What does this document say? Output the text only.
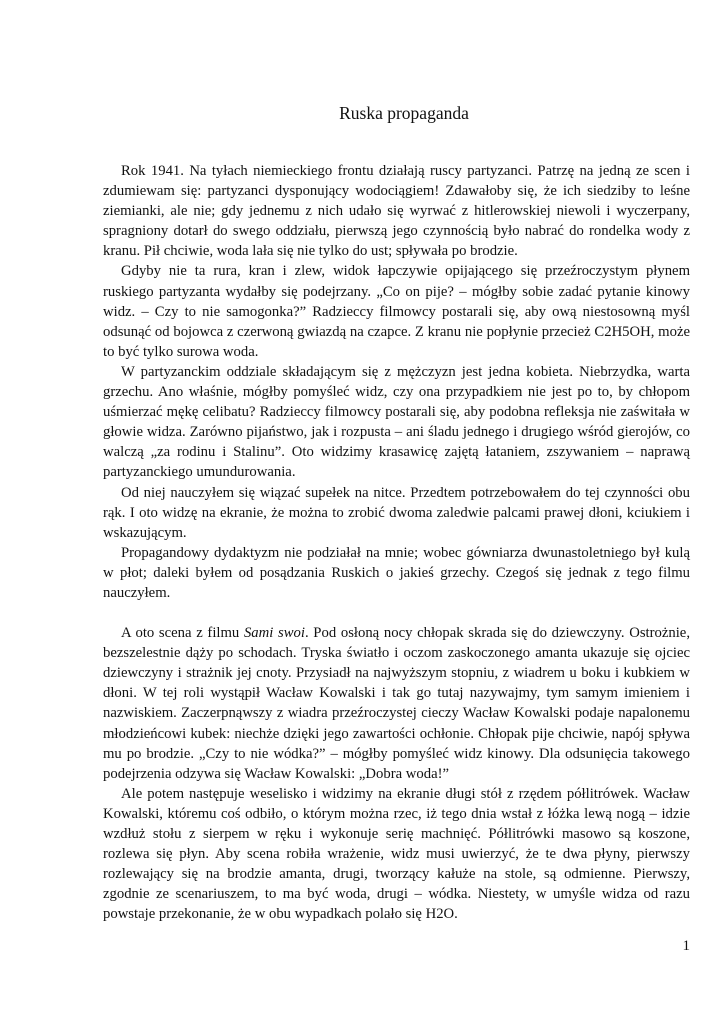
Ruska propaganda

Rok 1941. Na tyłach niemieckiego frontu działają ruscy partyzanci. Patrzę na jedną ze scen i zdumiewam się: partyzanci dysponujący wodociągiem! Zdawałoby się, że ich siedziby to leśne ziemianki, ale nie; gdy jednemu z nich udało się wyrwać z hitlerowskiej niewoli i wyczerpany, spragniony dotarł do swego oddziału, pierwszą jego czynnością było nabrać do rondelka wody z kranu. Pił chciwie, woda lała się nie tylko do ust; spływała po brodzie.

Gdyby nie ta rura, kran i zlew, widok łapczywie opijającego się przeźroczystym płynem ruskiego partyzanta wydałby się podejrzany. „Co on pije? – mógłby sobie zadać pytanie kinowy widz. – Czy to nie samogonka?” Radzieccy filmowcy postarali się, aby ową niestosowną myśl odsunąć od bojowca z czerwoną gwiazdą na czapce. Z kranu nie popłynie przecież C2H5OH, może to być tylko surowa woda.

W partyzanckim oddziale składającym się z mężczyzn jest jedna kobieta. Niebrzydka, warta grzechu. Ano właśnie, mógłby pomyśleć widz, czy ona przypadkiem nie jest po to, by chłopom uśmierzać mękę celibatu? Radzieccy filmowcy postarali się, aby podobna refleksja nie zaświtała w głowie widza. Zarówno pijaństwo, jak i rozpusta – ani śladu jednego i drugiego wśród gierojów, co walczą „za rodinu i Stalinu”. Oto widzimy krasawicę zajętą łataniem, zszywaniem – naprawą partyzanckiego umundurowania.

Od niej nauczyłem się wiązać supełek na nitce. Przedtem potrzebowałem do tej czynności obu rąk. I oto widzę na ekranie, że można to zrobić dwoma zaledwie palcami prawej dłoni, kciukiem i wskazującym.

Propagandowy dydaktyzm nie podziałał na mnie; wobec gówniarza dwunastoletniego był kulą w płot; daleki byłem od posądzania Ruskich o jakieś grzechy. Czegoś się jednak z tego filmu nauczyłem.

A oto scena z filmu Sami swoi. Pod osłoną nocy chłopak skrada się do dziewczyny. Ostrożnie, bezszelestnie dąży po schodach. Tryska światło i oczom zaskoczonego amanta ukazuje się ojciec dziewczyny i strażnik jej cnoty. Przysiadł na najwyższym stopniu, z wiadrem u boku i kubkiem w dłoni. W tej roli wystąpił Wacław Kowalski i tak go tutaj nazywajmy, tym samym imieniem i nazwiskiem. Zaczerpnąwszy z wiadra przeźroczystej cieczy Wacław Kowalski podaje napalonemu młodzieńcowi kubek: niechże dzięki jego zawartości ochłonie. Chłopak pije chciwie, napój spływa mu po brodzie. „Czy to nie wódka?” – mógłby pomyśleć widz kinowy. Dla odsunięcia takowego podejrzenia odzywa się Wacław Kowalski: „Dobra woda!”

Ale potem następuje weselisko i widzimy na ekranie długi stół z rzędem półlitrówek. Wacław Kowalski, któremu coś odbiło, o którym można rzec, iż tego dnia wstał z łóżka lewą nogą – idzie wzdłuż stołu z sierpem w ręku i wykonuje serię machnięć. Półlitrówki masowo są koszone, rozlewa się płyn. Aby scena robiła wrażenie, widz musi uwierzyć, że te dwa płyny, pierwszy rozlewający się na brodzie amanta, drugi, tworzący kałuże na stole, są odmienne. Pierwszy, zgodnie ze scenariuszem, to ma być woda, drugi – wódka. Niestety, w umyśle widza od razu powstaje przekonanie, że w obu wypadkach polało się H2O.

1
